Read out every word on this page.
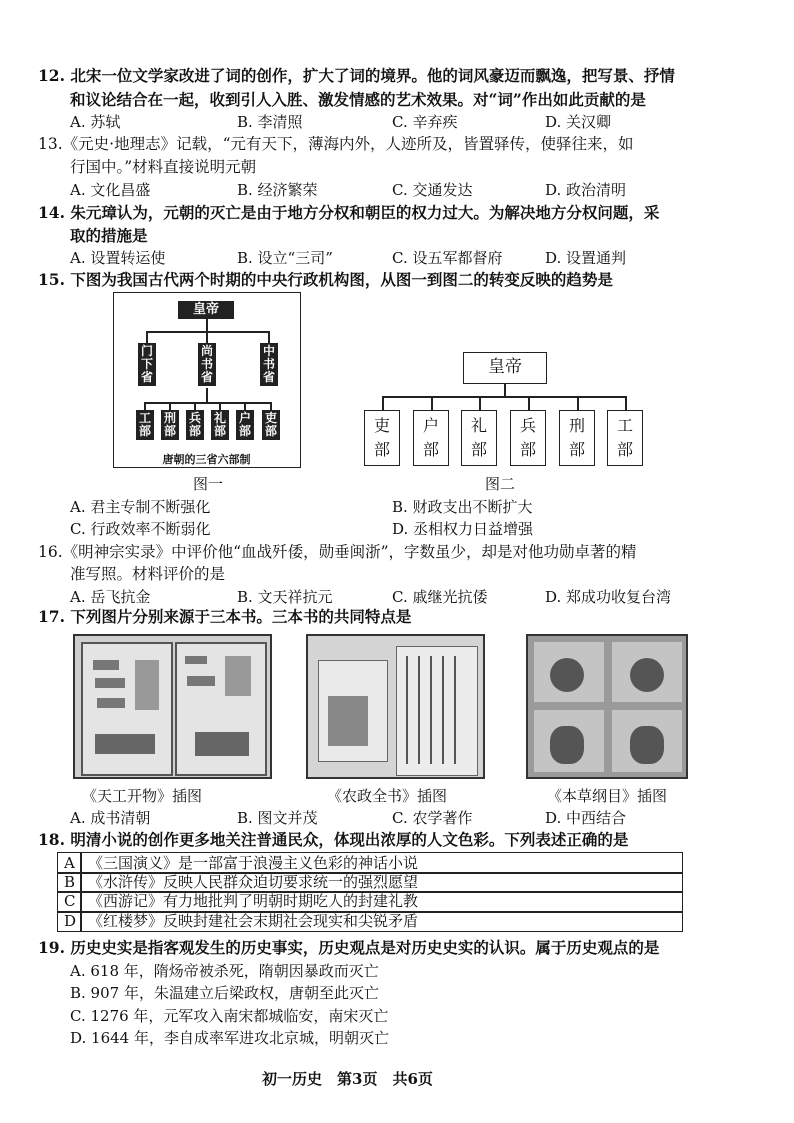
12. 北宋一位文学家改进了词的创作，扩大了词的境界。他的词风豪迈而飘逸，把写景、抒情
和议论结合在一起，收到引人入胜、激发情感的艺术效果。对“词”作出如此贡献的是
A. 苏轼	B. 李清照	C. 辛弃疾	D. 关汉卿
13.《元史·地理志》记载，“元有天下，薄海内外，人迹所及，皆置驿传，使驿往来，如
行国中。”材料直接说明元朝
A. 文化昌盛	B. 经济繁荣	C. 交通发达	D. 政治清明
14. 朱元璋认为，元朝的灭亡是由于地方分权和朝臣的权力过大。为解决地方分权问题，采
取的措施是
A. 设置转运使	B. 设立“三司”	C. 设五军都督府	D. 设置通判
15. 下图为我国古代两个时期的中央行政机构图，从图一到图二的转变反映的趋势是
皇帝
门下省
尚书省
中书省
工部
刑部
兵部
礼部
户部
吏部
唐朝的三省六部制
图一
皇帝
吏部
户部
礼部
兵部
刑部
工部
图二
A. 君主专制不断强化	B. 财政支出不断扩大
C. 行政效率不断弱化	D. 丞相权力日益增强
16.《明神宗实录》中评价他“血战歼倭，勋垂闽浙”，字数虽少，却是对他功勋卓著的精
准写照。材料评价的是
A. 岳飞抗金	B. 文天祥抗元	C. 戚继光抗倭	D. 郑成功收复台湾
17. 下列图片分别来源于三本书。三本书的共同特点是
《天工开物》插图	《农政全书》插图	《本草纲目》插图
A. 成书清朝	B. 图文并茂	C. 农学著作	D. 中西结合
18. 明清小说的创作更多地关注普通民众，体现出浓厚的人文色彩。下列表述正确的是
A 《三国演义》是一部富于浪漫主义色彩的神话小说
B 《水浒传》反映人民群众迫切要求统一的强烈愿望
C 《西游记》有力地批判了明朝时期吃人的封建礼教
D 《红楼梦》反映封建社会末期社会现实和尖锐矛盾
19. 历史史实是指客观发生的历史事实，历史观点是对历史史实的认识。属于历史观点的是
A. 618 年，隋炀帝被杀死，隋朝因暴政而灭亡
B. 907 年，朱温建立后梁政权，唐朝至此灭亡
C. 1276 年，元军攻入南宋都城临安，南宋灭亡
D. 1644 年，李自成率军进攻北京城，明朝灭亡
初一历史　第3页　共6页
